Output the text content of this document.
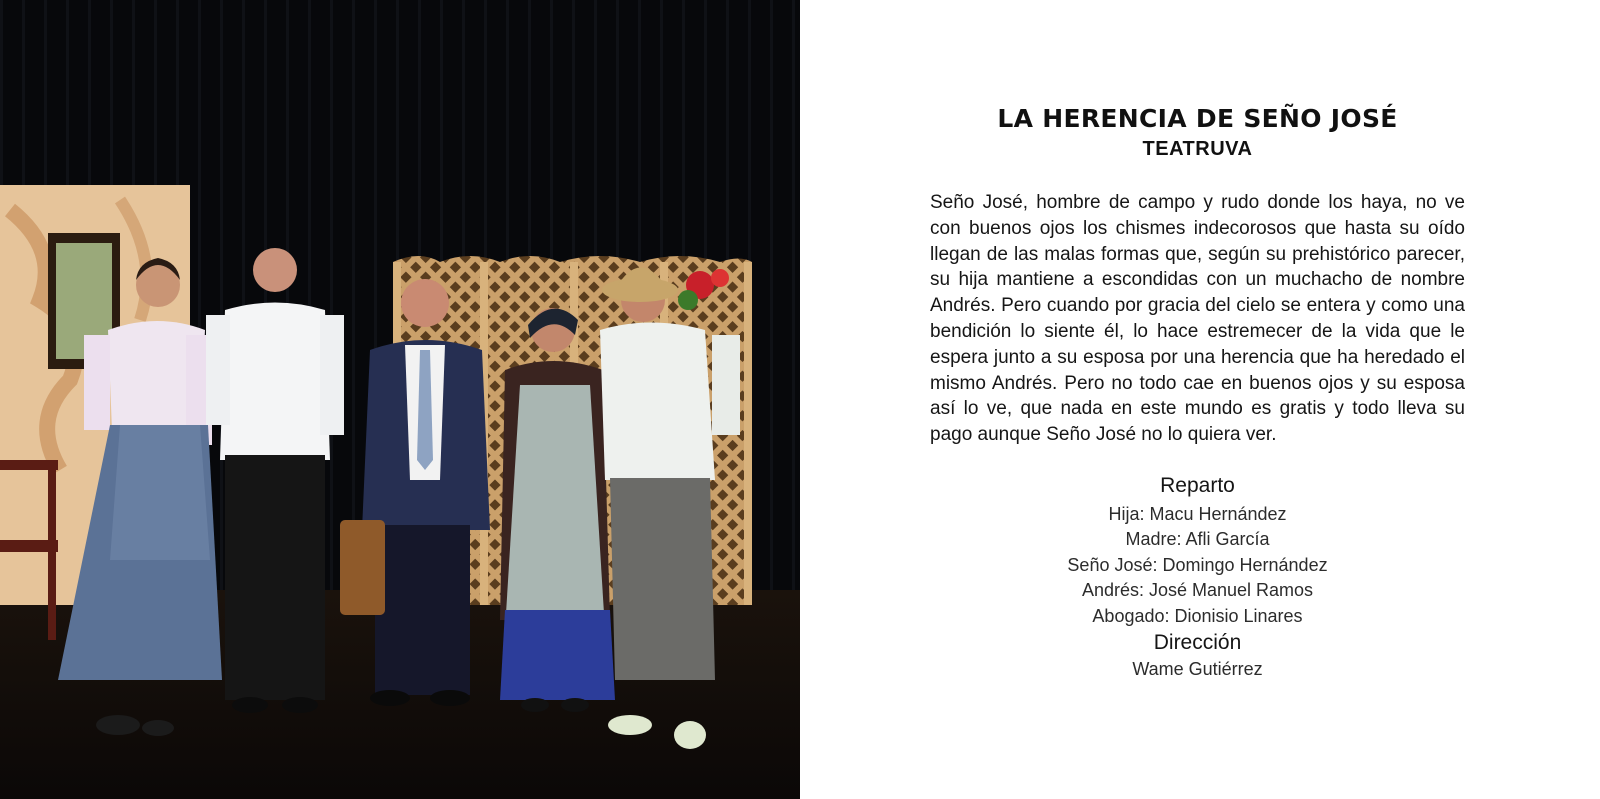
LA HERENCIA DE SEÑO JOSÉ

TEATRUVA

Seño José, hombre de campo y rudo donde los haya, no ve con buenos ojos los chismes indecorosos que hasta su oído llegan de las malas formas que, según su prehistórico parecer, su hija mantiene a escondidas con un muchacho de nombre Andrés. Pero cuando por gracia del cielo se entera y como una bendición lo siente él, lo hace estremecer de la vida que le espera junto a su esposa por una herencia que ha heredado el mismo Andrés. Pero no todo cae en buenos ojos y su esposa así lo ve, que nada en este mundo es gratis y todo lleva su pago aunque Seño José no lo quiera ver.

Reparto

Hija: Macu Hernández
Madre: Afli García
Seño José: Domingo Hernández
Andrés: José Manuel Ramos
Abogado: Dionisio Linares

Dirección

Wame Gutiérrez
